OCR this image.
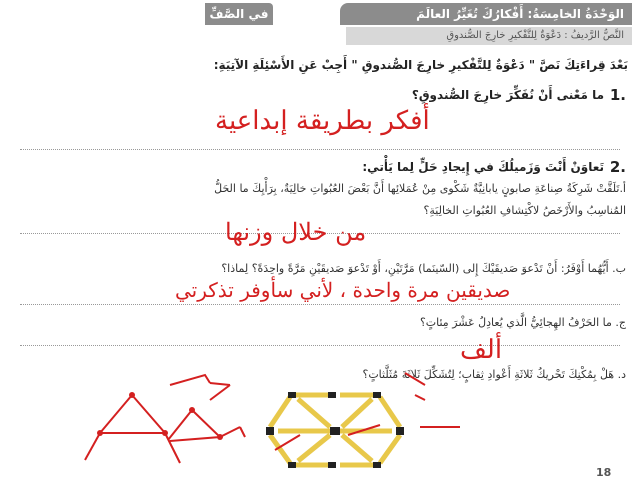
الوَحْدَةُ الخامِسَةُ: أَفْكارُكَ تُغَيِّرُ العالَمَ
النَّصُّ الرَّديفُ : دَعْوَةٌ لِلتَّفْكيرِ خارِجَ الصُّندوقِ
في الصَّفِّ
بَعْدَ قِراءَتِكَ نَصَّ " دَعْوَةٌ لِلتَّفْكيرِ خارِجَ الصُّندوقِ " أَجِبْ عَنِ الأَسْئِلَةِ الآتِيَةِ:
1.
ما مَعْنى أَنْ نُفَكِّرَ خارِجَ الصُّندوقِ؟
أفكر بطريقة إبداعية
2.
تَعاوَنْ أَنْتَ وَزَميلُكَ في إِيجادِ حَلٍّ لِما يَأْتي:
أ.تَلَقَّتْ شَرِكَةُ صِناعَةِ صابونٍ يابانِيَّةٌ شَكْوى مِنْ عُمَلائِها أَنَّ بَعْضَ العُبُواتِ خالِيَةٌ، بِرَأْيِكَ ما الحَلُّ
المُناسِبُ والأَرْخَصُ لاكْتِشافِ العُبُواتِ الخالِيَةِ؟
من خلال وزنها
ب. أَيُّهُما أَوْفَرُ: أَنْ تَدْعوَ صَديقَيْكَ إِلى (السّينَما) مَرَّتَيْنِ، أَوْ تَدْعوَ صَديقَيْنِ مَرَّةً واحِدَةً؟ لِماذا؟
صديقين مرة واحدة ، لأني سأوفر تذكرتي
ج. ما الحَرْفُ الهِجائِيُّ الَّذي يُعادِلُ عَشْرَ مِئاتٍ؟
ألف
د. هَلْ بِمُكْنِكَ تَحْريكُ ثَلاثَةِ أَعْوادِ ثِقابٍ؛ لِتُشَكِّلَ ثَلاثَةَ مُثَلَّثاتٍ؟
18
